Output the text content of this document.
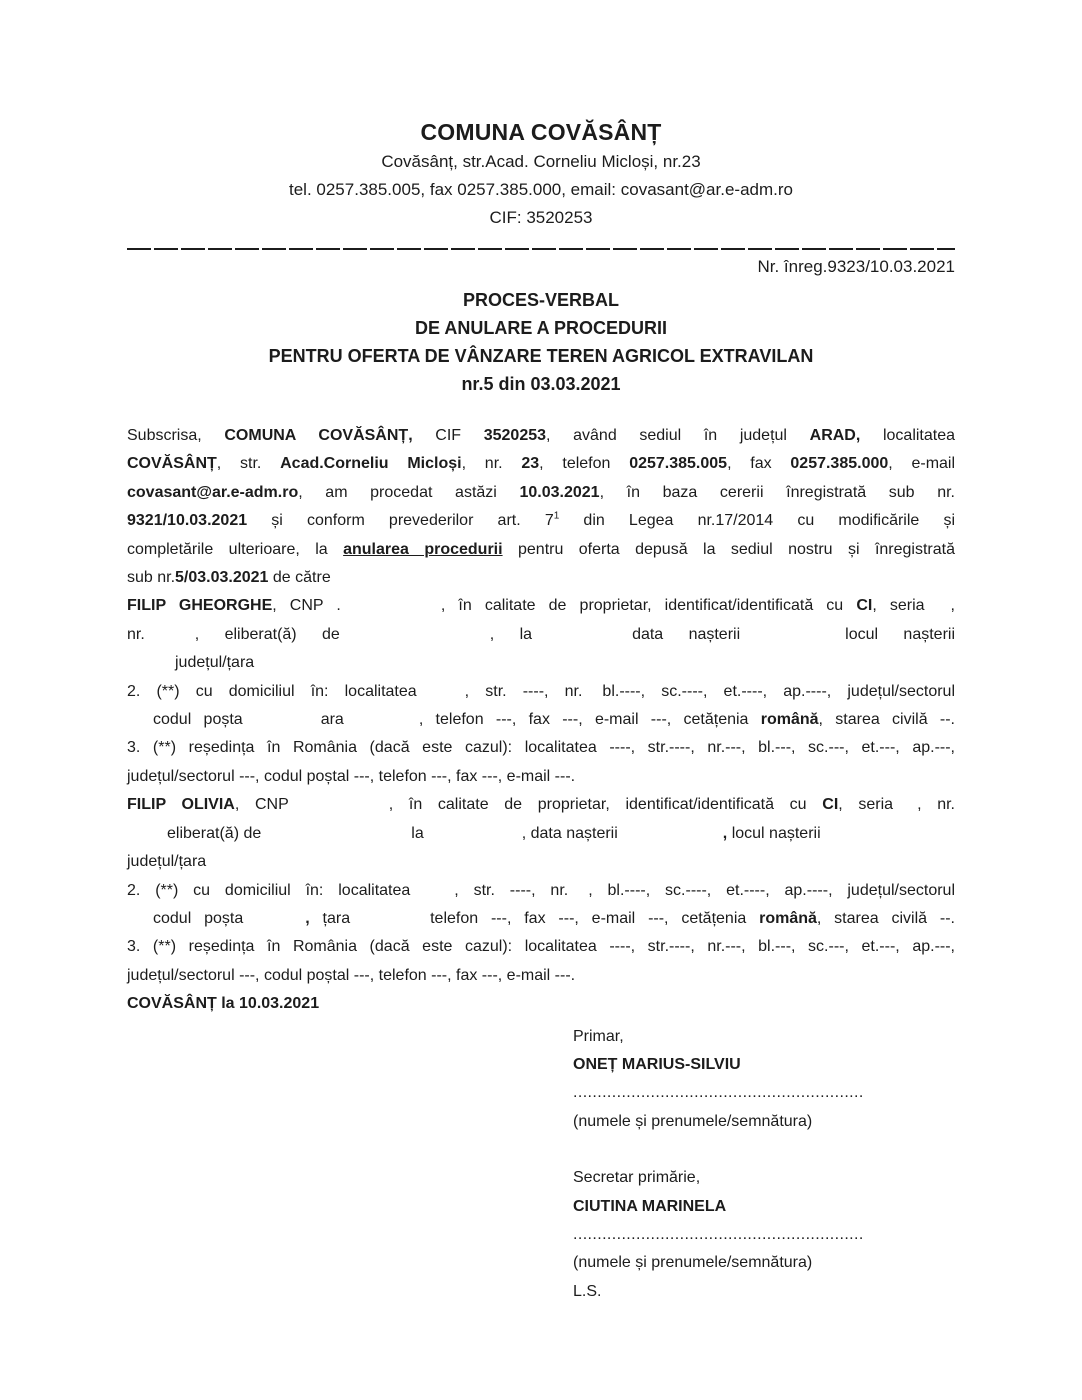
COMUNA COVĂSÂNȚ
Covăsânț, str.Acad. Corneliu Micloși, nr.23
tel. 0257.385.005, fax 0257.385.000, email: covasant@ar.e-adm.ro
CIF: 3520253
Nr. înreg.9323/10.03.2021
PROCES-VERBAL
DE ANULARE A PROCEDURII
PENTRU OFERTA DE VÂNZARE TEREN AGRICOL EXTRAVILAN
nr.5 din 03.03.2021
Subscrisa, COMUNA COVĂSÂNȚ, CIF 3520253, având sediul în județul ARAD, localitatea
COVĂSÂNȚ, str. Acad.Corneliu Micloși, nr. 23, telefon 0257.385.005, fax 0257.385.000, e-mail
covasant@ar.e-adm.ro, am procedat astăzi 10.03.2021, în baza cererii înregistrată sub nr.
9321/10.03.2021 și conform prevederilor art. $7^1$ din Legea nr.17/2014 cu modificările și
completările ulterioare, la anularea procedurii pentru oferta depusă la sediul nostru și înregistrată
sub nr.5/03.03.2021 de către
FILIP GHEORGHE, CNP .	, în calitate de proprietar, identificat/identificată cu CI, seria ,
nr.	, eliberat(ă) de	, la	data nașterii	locul nașterii
județul/țara
2. (**) cu domiciliul în: localitatea	, str. ----, nr. bl.----, sc.----, et.----, ap.----, județul/sectorul
codul poșta	ara	, telefon ---, fax ---, e-mail ---, cetățenia română, starea civilă --.
3. (**) reședința în România (dacă este cazul): localitatea ----, str.----, nr.---, bl.---, sc.---, et.---, ap.---,
județul/sectorul ---, codul poștal ---, telefon ---, fax ---, e-mail ---.
FILIP OLIVIA, CNP	, în calitate de proprietar, identificat/identificată cu CI, seria , nr.
eliberat(ă) de	la	, data nașterii	, locul nașterii
județul/țara
2. (**) cu domiciliul în: localitatea	, str. ----, nr. , bl.----, sc.----, et.----, ap.----, județul/sectorul
codul poșta	, țara	telefon ---, fax ---, e-mail ---, cetățenia română, starea civilă --.
3. (**) reședința în România (dacă este cazul): localitatea ----, str.----, nr.---, bl.---, sc.---, et.---, ap.---,
județul/sectorul ---, codul poștal ---, telefon ---, fax ---, e-mail ---.
COVĂSÂNȚ la 10.03.2021
Primar,
ONEȚ MARIUS-SILVIU
............................................................
(numele și prenumele/semnătura)
Secretar primărie,
CIUTINA MARINELA
............................................................
(numele și prenumele/semnătura)
L.S.
